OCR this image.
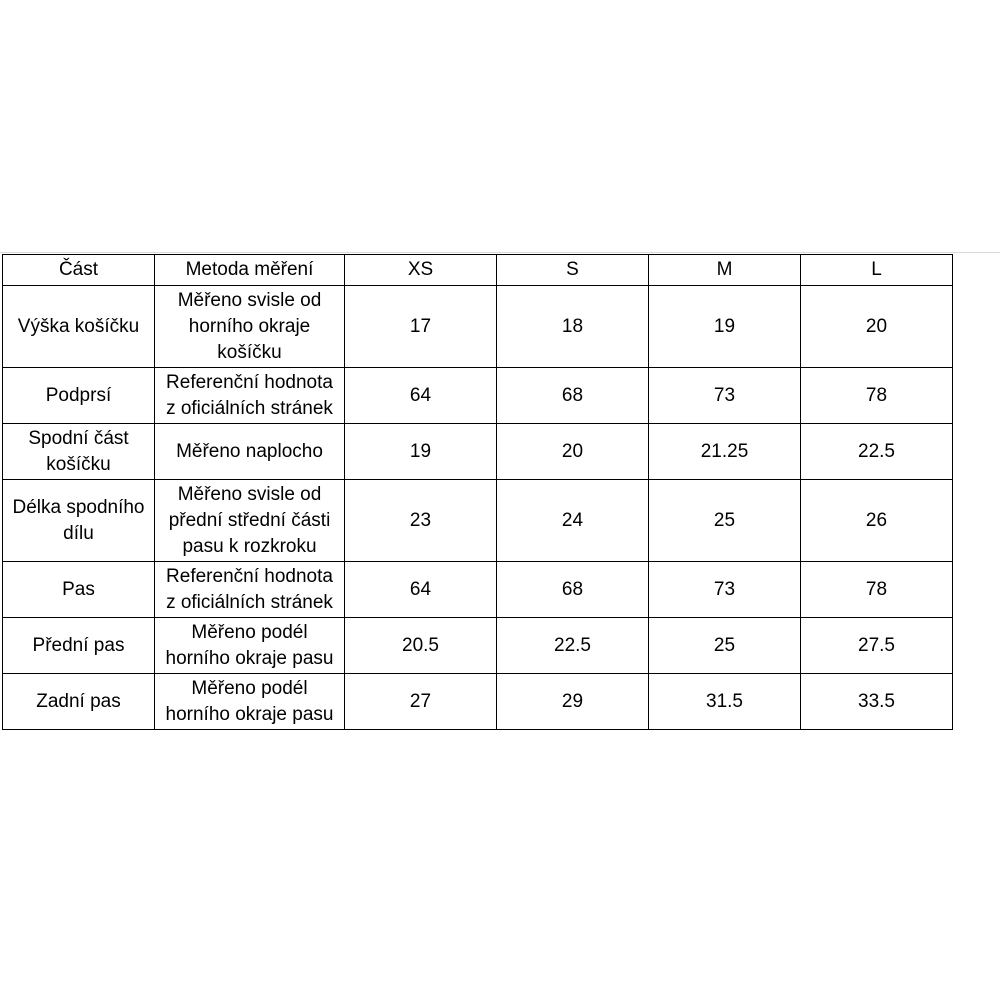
Část	Metoda měření	XS	S	M	L
Výška košíčku	Měřeno svisle od horního okraje košíčku	17	18	19	20
Podprsí	Referenční hodnota z oficiálních stránek	64	68	73	78
Spodní část košíčku	Měřeno naplocho	19	20	21.25	22.5
Délka spodního dílu	Měřeno svisle od přední střední části pasu k rozkroku	23	24	25	26
Pas	Referenční hodnota z oficiálních stránek	64	68	73	78
Přední pas	Měřeno podél horního okraje pasu	20.5	22.5	25	27.5
Zadní pas	Měřeno podél horního okraje pasu	27	29	31.5	33.5
